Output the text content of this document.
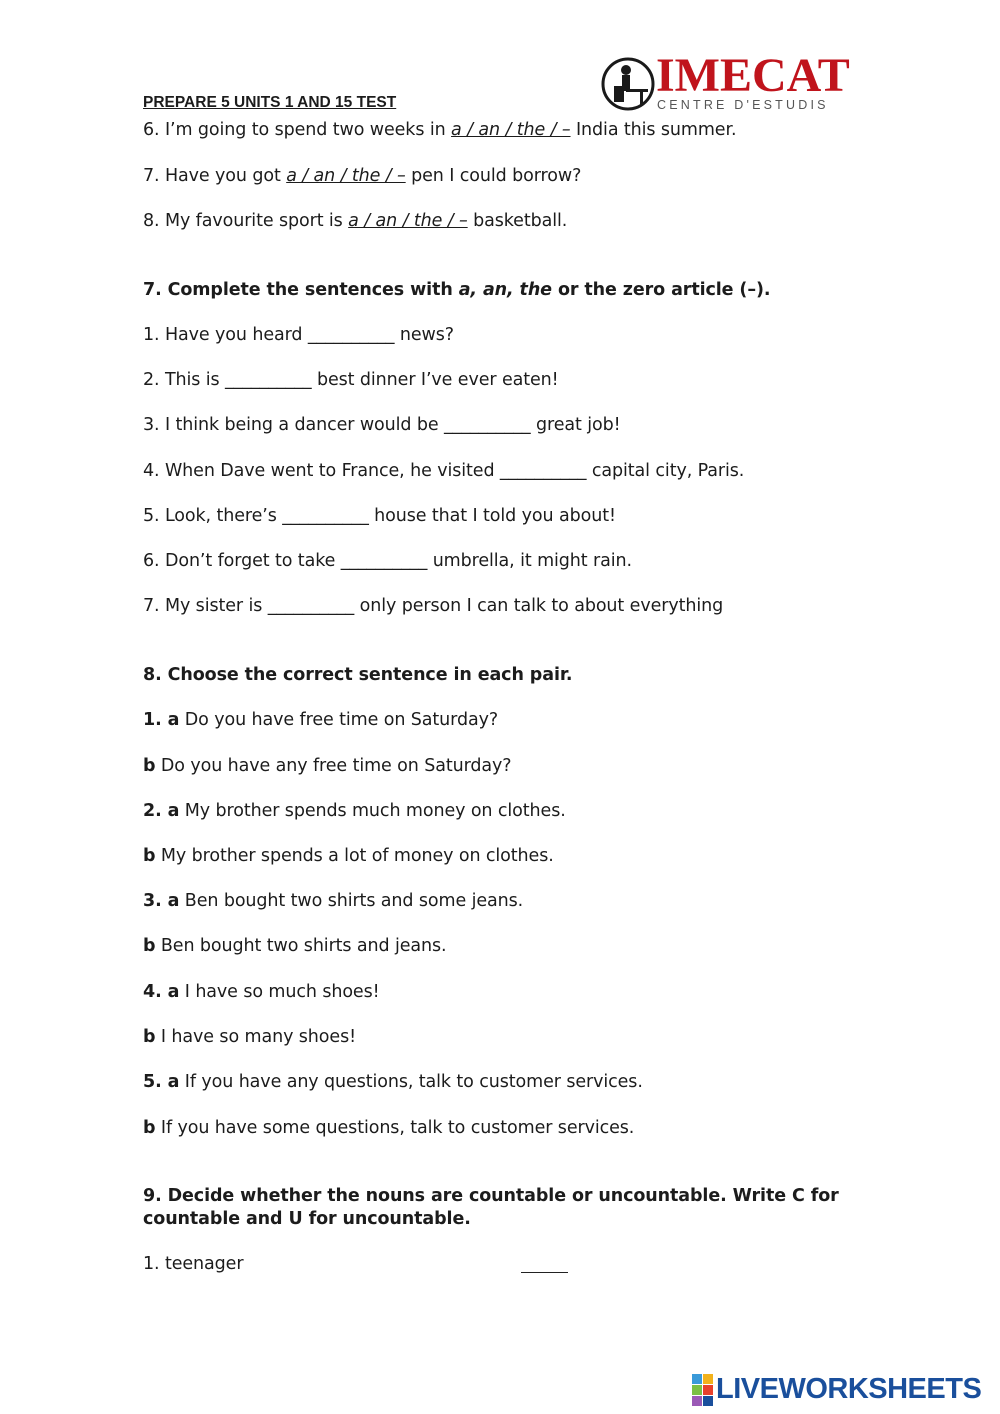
IMECAT
CENTRE D'ESTUDIS
PREPARE 5 UNITS 1 AND 15 TEST
6. I’m going to spend two weeks in a / an / the / – India this summer.
7. Have you got a / an / the / – pen I could borrow?
8. My favourite sport is a / an / the / – basketball.
7. Complete the sentences with a, an, the or the zero article (–).
1. Have you heard __________ news?
2. This is __________ best dinner I’ve ever eaten!
3. I think being a dancer would be __________ great job!
4. When Dave went to France, he visited __________ capital city, Paris.
5. Look, there’s __________ house that I told you about!
6. Don’t forget to take __________ umbrella, it might rain.
7. My sister is __________ only person I can talk to about everything
8. Choose the correct sentence in each pair.
1. a Do you have free time on Saturday?
b Do you have any free time on Saturday?
2. a My brother spends much money on clothes.
b My brother spends a lot of money on clothes.
3. a Ben bought two shirts and some jeans.
b Ben bought two shirts and jeans.
4. a I have so much shoes!
b I have so many shoes!
5. a If you have any questions, talk to customer services.
b If you have some questions, talk to customer services.
9. Decide whether the nouns are countable or uncountable. Write C for
countable and U for uncountable.
1. teenager
LIVEWORKSHEETS
